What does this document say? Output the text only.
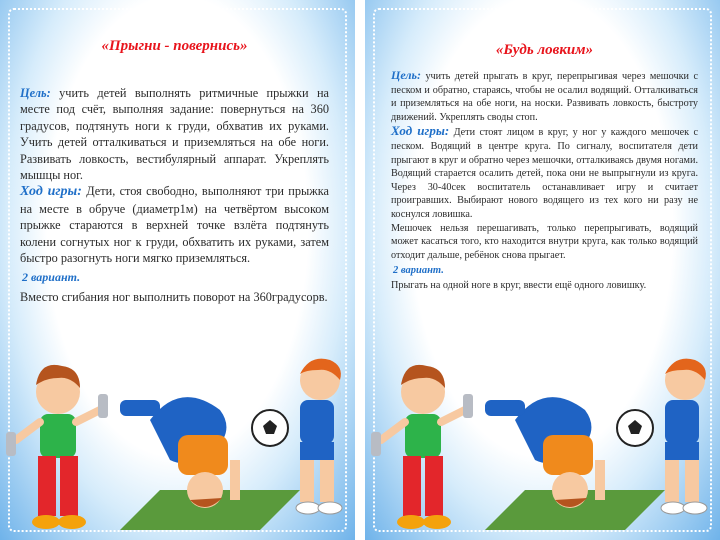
«Прыгни - повернись»

Цель: учить детей выполнять ритмичные прыжки на месте под счёт, выполняя задание: повернуться на 360 градусов, подтянуть ноги к груди, обхватив их руками. Учить детей отталкиваться и приземляться на обе ноги. Развивать ловкость, вестибулярный аппарат. Укреплять мышцы ног.

Ход игры: Дети, стоя свободно, выполняют три прыжка на месте в обруче (диаметр1м) на четвёртом высоком прыжке стараются в верхней точке взлёта подтянуть колени согнутых ног к груди, обхватить их руками, затем быстро разогнуть ноги мягко приземляться.

2 вариант.

Вместо сгибания ног выполнить поворот на 360градусорв.

«Будь ловким»

Цель: учить детей прыгать в круг, перепрыгивая через мешочки с песком и обратно, стараясь, чтобы не осалил водящий. Отталкиваться и приземляться на обе ноги, на носки. Развивать ловкость, быстроту движений. Укреплять своды стоп.

Ход игры: Дети стоят лицом в круг, у ног у каждого мешочек с песком. Водящий в центре круга. По сигналу, воспитателя дети прыгают в круг и обратно через мешочки, отталкиваясь двумя ногами. Водящий старается осалить детей, пока они не выпрыгнули из круга. Через 30-40сек воспитатель останавливает игру и считает проигравших. Выбирают нового водящего из тех кого ни разу не коснулся ловишка.

Мешочек нельзя перешагивать, только перепрыгивать, водящий может касаться того, кто находится внутри круга, как только водящий отходит дальше, ребёнок снова прыгает.

2 вариант.

Прыгать на одной ноге в круг, ввести ещё одного ловишку.
